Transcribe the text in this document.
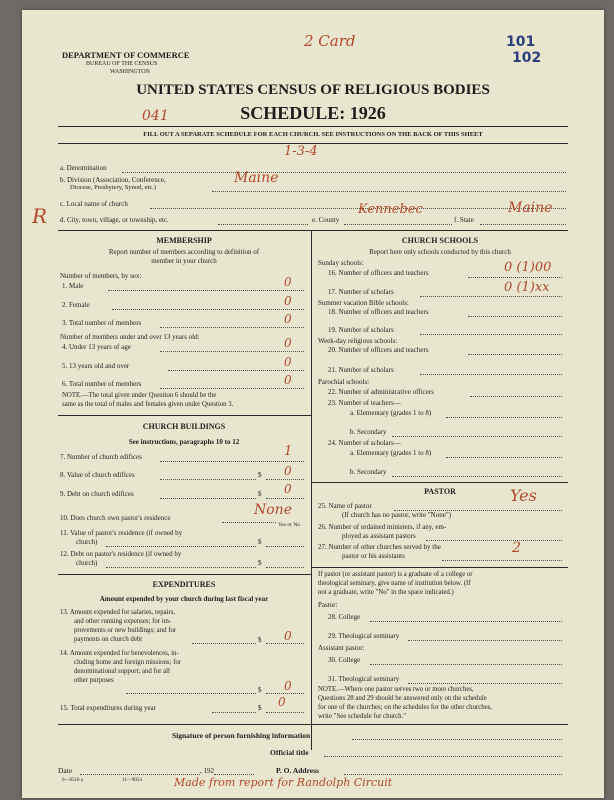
DEPARTMENT OF COMMERCE
BUREAU OF THE CENSUS
WASHINGTON
2 Card	101
102
UNITED STATES CENSUS OF RELIGIOUS BODIES
041	SCHEDULE: 1926
FILL OUT A SEPARATE SCHEDULE FOR EACH CHURCH. SEE INSTRUCTIONS ON THE BACK OF THIS SHEET
1-3-4
a. Denomination
b. Division (Association, Conference,
Diocese, Presbytery, Synod, etc.)
Maine
R c. Local name of church
d. City, town, village, or township, etc.	e. County
Kennebec
f. State
Maine
MEMBERSHIP
Report number of members according to definition of
member in your church
Number of members, by sex:
1. Male	0
2. Female	0
3. Total number of members	0
Number of members under and over 13 years old:
4. Under 13 years of age	0
5. 13 years old and over	0
6. Total number of members	0
NOTE.—The total given under Question 6 should be the
same as the total of males and females given under Question 3.
CHURCH BUILDINGS
See instructions, paragraphs 10 to 12
7. Number of church edifices	1
8. Value of church edifices	$ 0
9. Debt on church edifices	$ 0
10. Does church own pastor's residence	None
Yes or No
11. Value of pastor's residence (if owned by
church)	$
12. Debt on pastor's residence (if owned by
church)	$
EXPENDITURES
Amount expended by your church during last fiscal year
13. Amount expended for salaries, repairs,
and other running expenses; for im-
provements or new buildings; and for
payments on church debt	$ 0
14. Amount expended for benevolences, in-
cluding home and foreign missions; for
denominational support; and for all
other purposes
$ 0
15. Total expenditures during year	$ 0
CHURCH SCHOOLS
Report here only schools conducted by this church
Sunday schools:
16. Number of officers and teachers	0 (1)00
17. Number of scholars	0 (1)xx
Summer vacation Bible schools:
18. Number of officers and teachers
19. Number of scholars
Week-day religious schools:
20. Number of officers and teachers
21. Number of scholars
Parochial schools:
22. Number of administrative officers
23. Number of teachers—
a. Elementary (grades 1 to 8)
b. Secondary
24. Number of scholars—
a. Elementary (grades 1 to 8)
b. Secondary
PASTOR
25. Name of pastor
Yes
(If church has no pastor, write "None")
26. Number of ordained ministers, if any, em-
ployed as assistant pastors
27. Number of other churches served by the
pastor or his assistants	2
If pastor (or assistant pastor) is a graduate of a college or
theological seminary, give name of institution below. (If
not a graduate, write "No" in the space indicated.)
Pastor:
28. College
29. Theological seminary
Assistant pastor:
30. College
31. Theological seminary
NOTE.—Where one pastor serves two or more churches,
Questions 28 and 29 should be answered only on the schedule
for one of the churches; on the schedules for the other churches,
write "See schedule for church."
Signature of person furnishing information
Official title
Date	, 192	P. O. Address
6—8518 a	11—9054	Made from report for Randolph Circuit
